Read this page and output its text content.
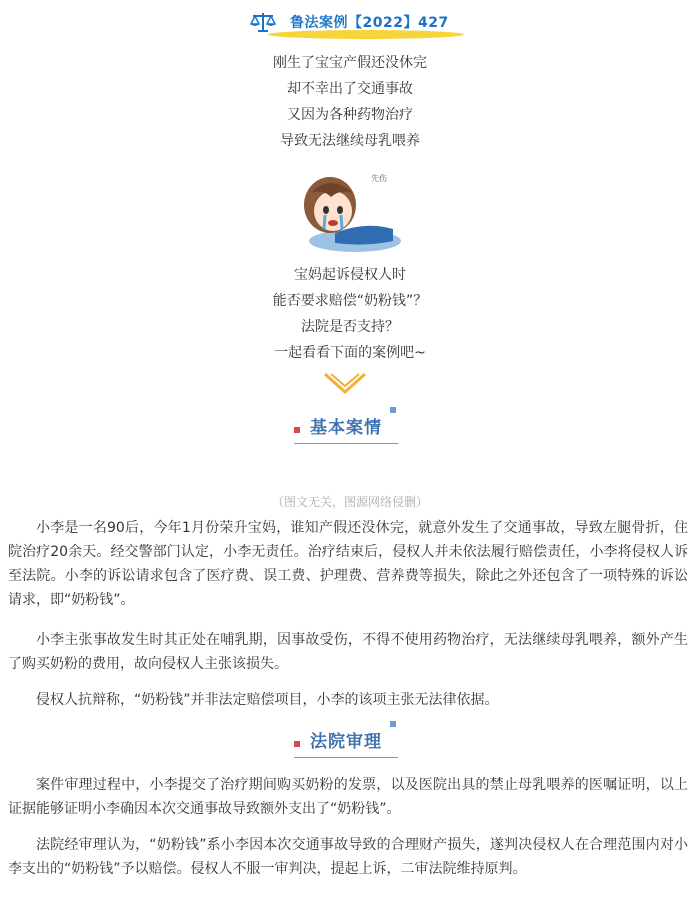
鲁法案例【2022】427
刚生了宝宝产假还没休完
却不幸出了交通事故
又因为各种药物治疗
导致无法继续母乳喂养
先伤
宝妈起诉侵权人时
能否要求赔偿“奶粉钱”？
法院是否支持？
一起看看下面的案例吧~
基本案情
（图文无关，图源网络侵删）

小李是一名90后，今年1月份荣升宝妈，谁知产假还没休完，就意外发生了交通事故，导致左腿骨折，住院治疗20余天。经交警部门认定，小李无责任。治疗结束后，侵权人并未依法履行赔偿责任，小李将侵权人诉至法院。小李的诉讼请求包含了医疗费、误工费、护理费、营养费等损失，除此之外还包含了一项特殊的诉讼请求，即“奶粉钱”。

小李主张事故发生时其正处在哺乳期，因事故受伤，不得不使用药物治疗，无法继续母乳喂养，额外产生了购买奶粉的费用，故向侵权人主张该损失。

侵权人抗辩称，“奶粉钱”并非法定赔偿项目，小李的该项主张无法律依据。

法院审理

案件审理过程中，小李提交了治疗期间购买奶粉的发票，以及医院出具的禁止母乳喂养的医嘱证明，以上证据能够证明小李确因本次交通事故导致额外支出了“奶粉钱”。

法院经审理认为，“奶粉钱”系小李因本次交通事故导致的合理财产损失，遂判决侵权人在合理范围内对小李支出的“奶粉钱”予以赔偿。侵权人不服一审判决，提起上诉，二审法院维持原判。
